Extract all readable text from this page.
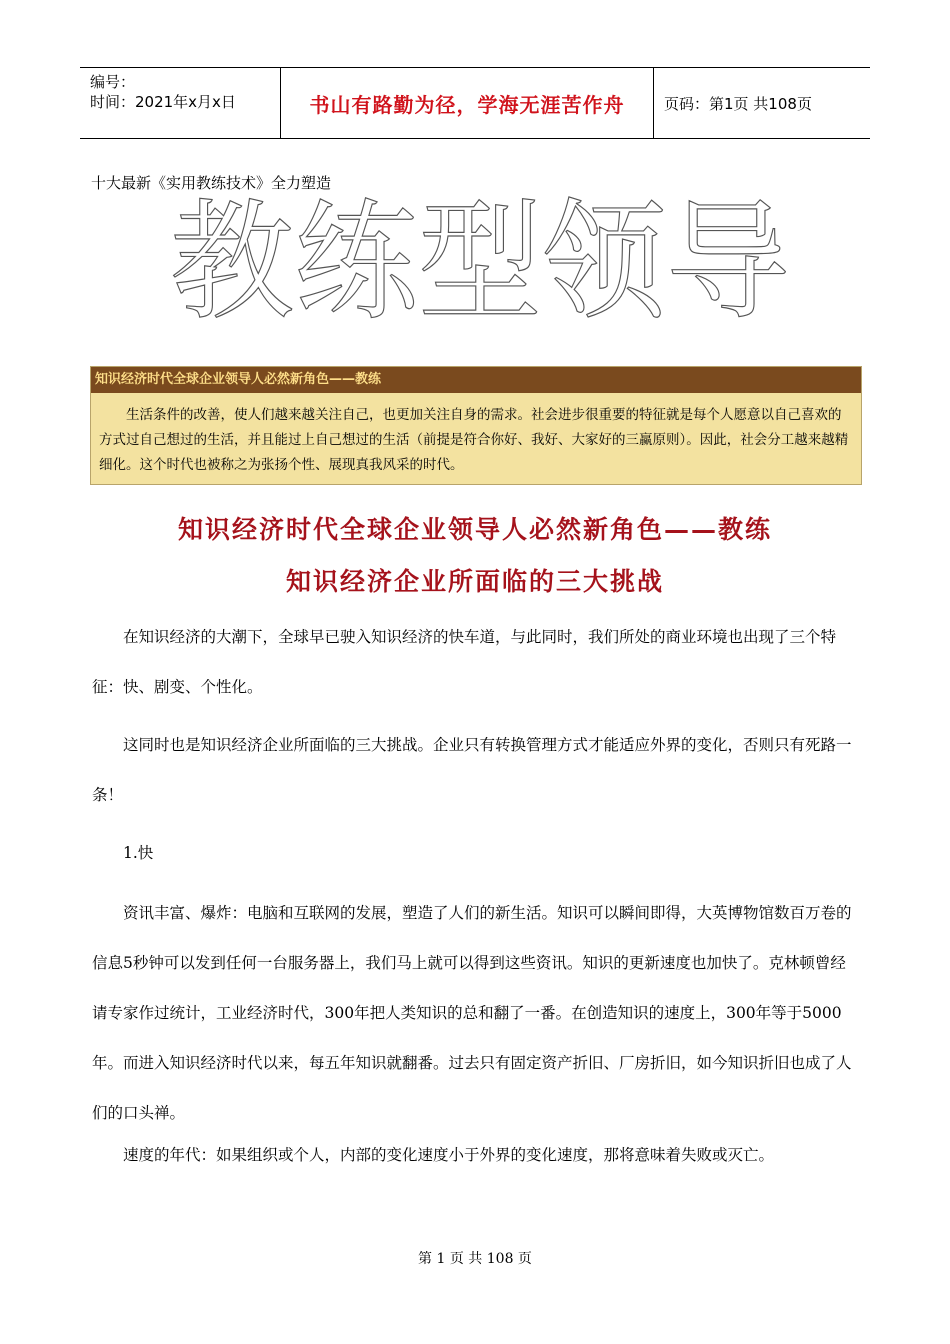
编号：
时间：2021年x月x日	书山有路勤为径，学海无涯苦作舟	页码：第1页 共108页
十大最新《实用教练技术》全力塑造
教练型领导
知识经济时代全球企业领导人必然新角色——教练
生活条件的改善，使人们越来越关注自己，也更加关注自身的需求。社会进步很重要的特征就是每个人愿意以自己喜欢的方式过自己想过的生活，并且能过上自己想过的生活（前提是符合你好、我好、大家好的三赢原则）。因此，社会分工越来越精细化。这个时代也被称之为张扬个性、展现真我风采的时代。
知识经济时代全球企业领导人必然新角色——教练
知识经济企业所面临的三大挑战
在知识经济的大潮下，全球早已驶入知识经济的快车道，与此同时，我们所处的商业环境也出现了三个特征：快、剧变、个性化。
这同时也是知识经济企业所面临的三大挑战。企业只有转换管理方式才能适应外界的变化，否则只有死路一条！
1.快
资讯丰富、爆炸：电脑和互联网的发展，塑造了人们的新生活。知识可以瞬间即得，大英博物馆数百万卷的信息5秒钟可以发到任何一台服务器上，我们马上就可以得到这些资讯。知识的更新速度也加快了。克林顿曾经请专家作过统计，工业经济时代，300年把人类知识的总和翻了一番。在创造知识的速度上，300年等于5000年。而进入知识经济时代以来，每五年知识就翻番。过去只有固定资产折旧、厂房折旧，如今知识折旧也成了人们的口头禅。
速度的年代：如果组织或个人，内部的变化速度小于外界的变化速度，那将意味着失败或灭亡。
第 1 页 共 108 页
